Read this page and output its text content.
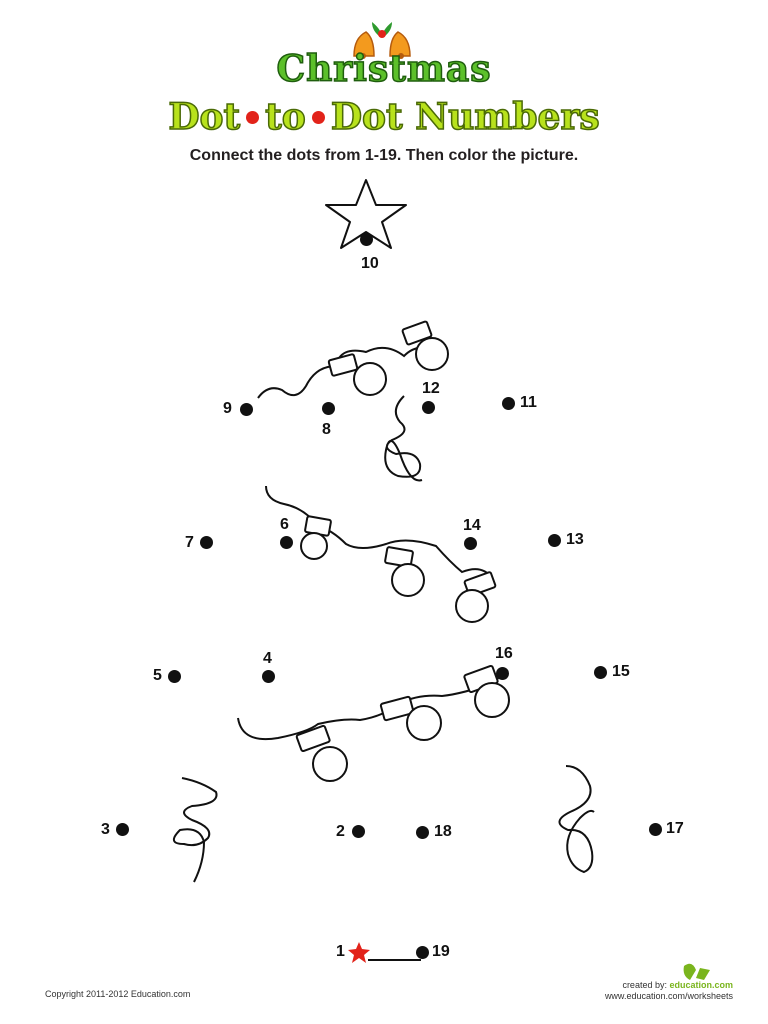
Christmas
Dot to Dot Numbers
Connect the dots from 1-19. Then color the picture.
19
1
2
3
4
5
6
7
8
9
10
11
12
13
14
15
16
17
18
Copyright 2011-2012 Education.com
created by: education.com
www.education.com/worksheets
